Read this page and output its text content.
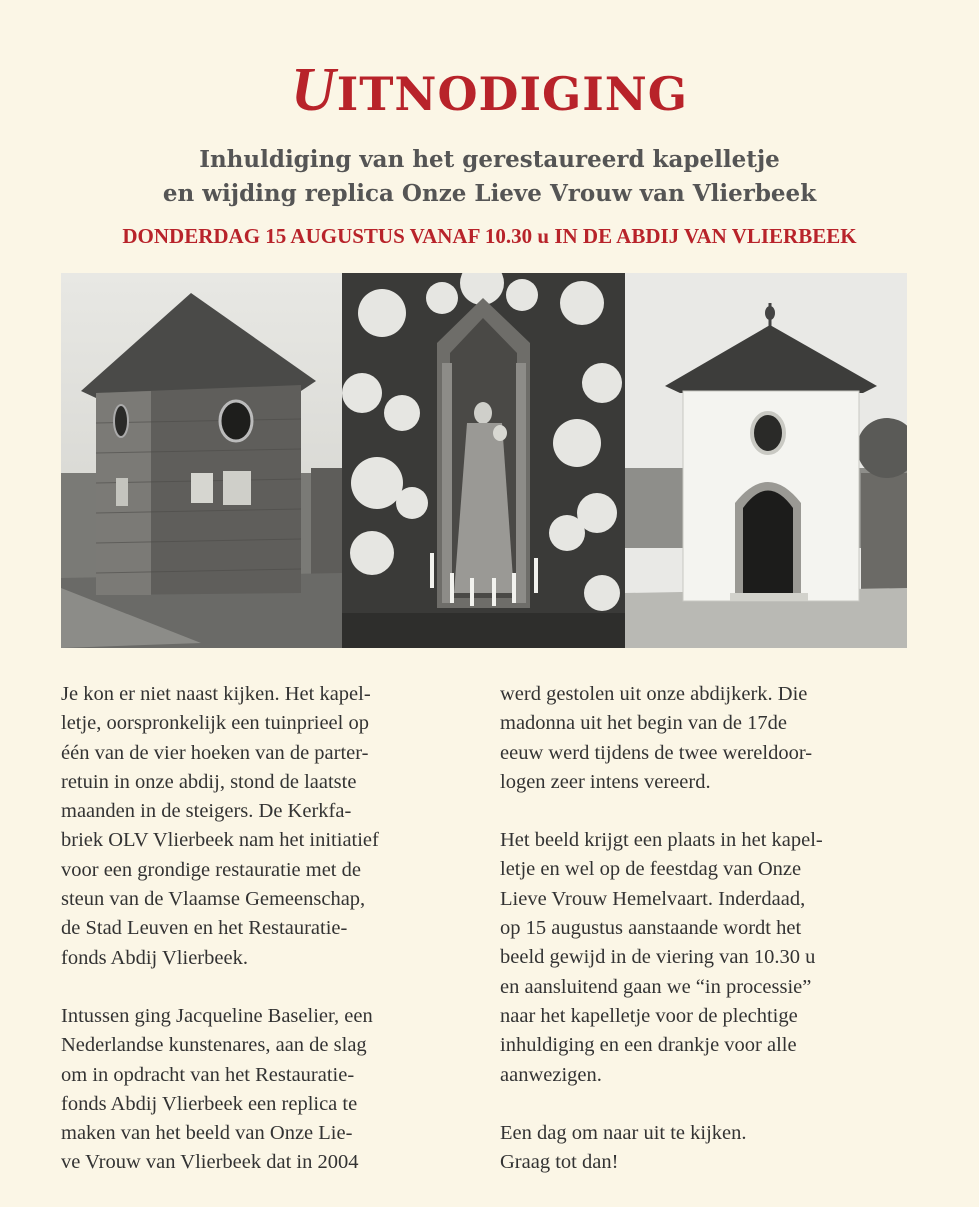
UITNODIGING
Inhuldiging van het gerestaureerd kapelletje
en wijding replica Onze Lieve Vrouw van Vlierbeek
DONDERDAG 15 AUGUSTUS VANAF 10.30 u IN DE ABDIJ VAN VLIERBEEK
Je kon er niet naast kijken. Het kapel-
letje, oorspronkelijk een tuinprieel op
één van de vier hoeken van de parter-
retuin in onze abdij, stond de laatste
maanden in de steigers. De Kerkfa-
briek OLV Vlierbeek nam het initiatief
voor een grondige restauratie met de
steun van de Vlaamse Gemeenschap,
de Stad Leuven en het Restauratie-
fonds Abdij Vlierbeek.
Intussen ging Jacqueline Baselier, een
Nederlandse kunstenares, aan de slag
om in opdracht van het Restauratie-
fonds Abdij Vlierbeek een replica te
maken van het beeld van Onze Lie-
ve Vrouw van Vlierbeek dat in 2004
werd gestolen uit onze abdijkerk. Die
madonna uit het begin van de 17de
eeuw werd tijdens de twee wereldoor-
logen zeer intens vereerd.
Het beeld krijgt een plaats in het kapel-
letje en wel op de feestdag van Onze
Lieve Vrouw Hemelvaart. Inderdaad,
op 15 augustus aanstaande wordt het
beeld gewijd in de viering van 10.30 u
en aansluitend gaan we “in processie”
naar het kapelletje voor de plechtige
inhuldiging en een drankje voor alle
aanwezigen.
Een dag om naar uit te kijken.
Graag tot dan!
